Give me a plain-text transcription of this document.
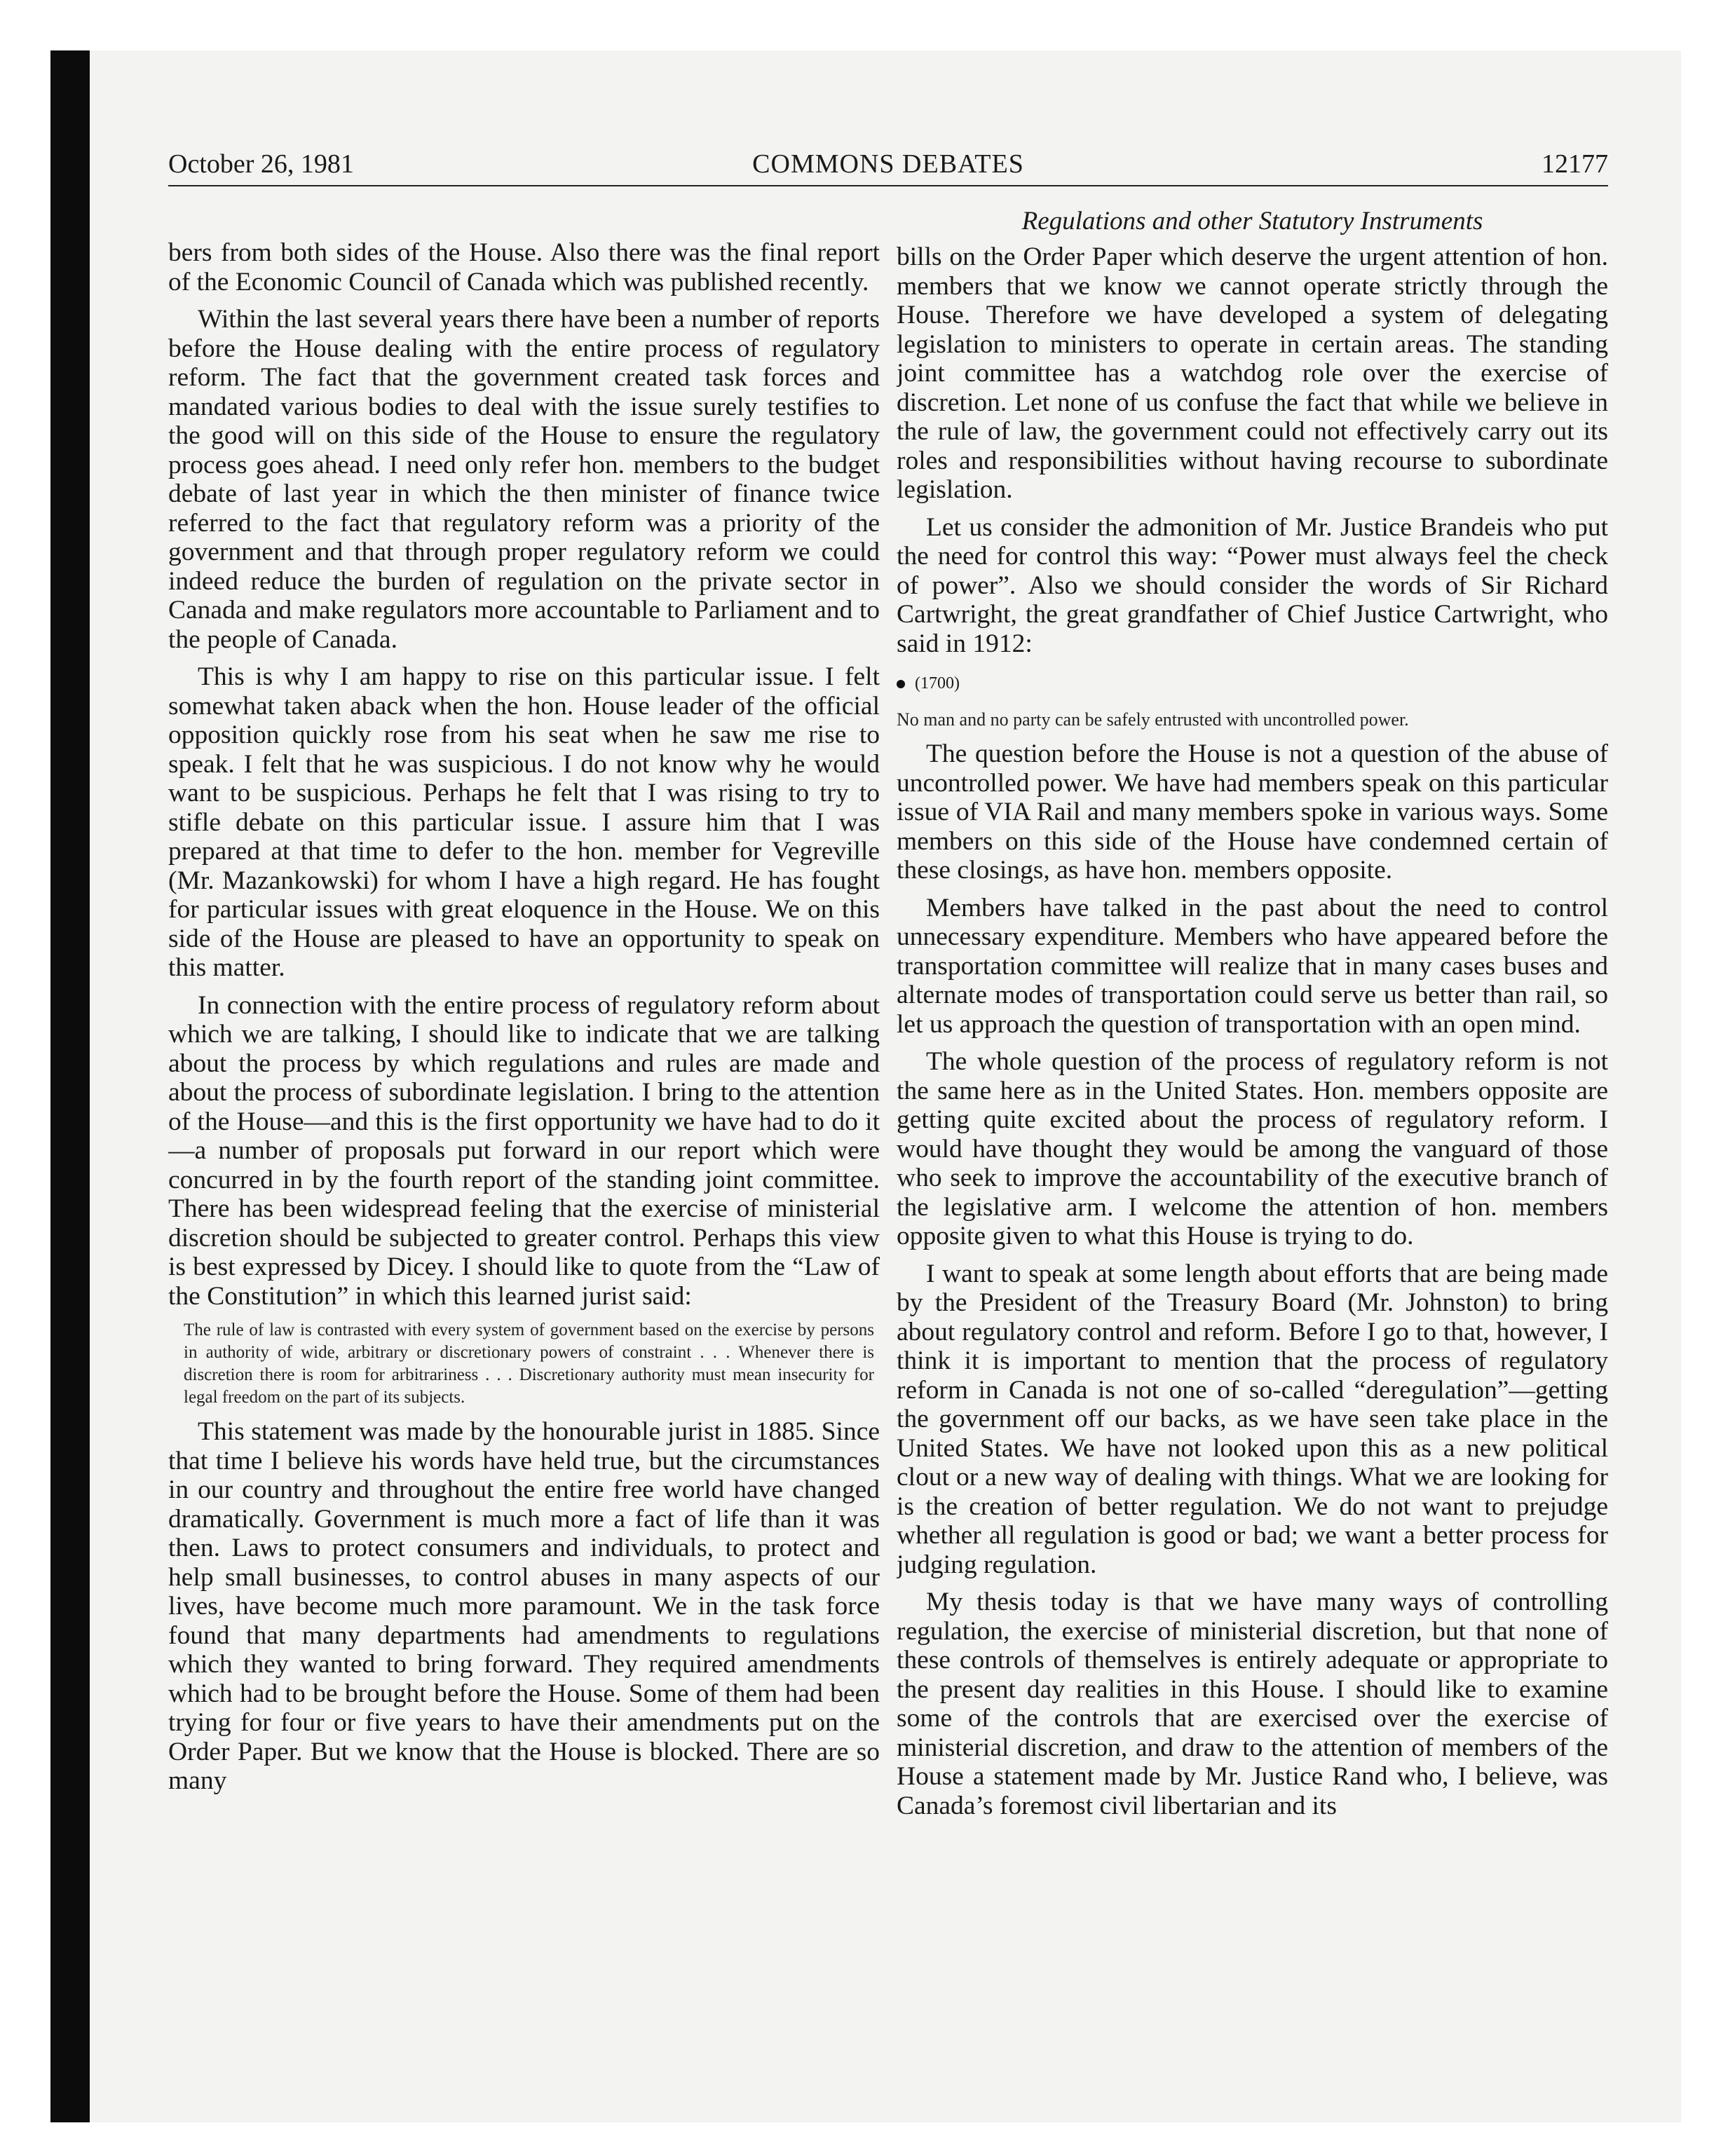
October 26, 1981	COMMONS DEBATES	12177
Regulations and other Statutory Instruments

bers from both sides of the House. Also there was the final report of the Economic Council of Canada which was published recently.

Within the last several years there have been a number of reports before the House dealing with the entire process of regulatory reform. The fact that the government created task forces and mandated various bodies to deal with the issue surely testifies to the good will on this side of the House to ensure the regulatory process goes ahead. I need only refer hon. members to the budget debate of last year in which the then minister of finance twice referred to the fact that regulatory reform was a priority of the government and that through proper regulatory reform we could indeed reduce the burden of regulation on the private sector in Canada and make regulators more accountable to Parliament and to the people of Canada.

This is why I am happy to rise on this particular issue. I felt somewhat taken aback when the hon. House leader of the official opposition quickly rose from his seat when he saw me rise to speak. I felt that he was suspicious. I do not know why he would want to be suspicious. Perhaps he felt that I was rising to try to stifle debate on this particular issue. I assure him that I was prepared at that time to defer to the hon. member for Vegreville (Mr. Mazankowski) for whom I have a high regard. He has fought for particular issues with great eloquence in the House. We on this side of the House are pleased to have an opportunity to speak on this matter.

In connection with the entire process of regulatory reform about which we are talking, I should like to indicate that we are talking about the process by which regulations and rules are made and about the process of subordinate legislation. I bring to the attention of the House—and this is the first opportunity we have had to do it—a number of proposals put forward in our report which were concurred in by the fourth report of the standing joint committee. There has been widespread feeling that the exercise of ministerial discretion should be subjected to greater control. Perhaps this view is best expressed by Dicey. I should like to quote from the “Law of the Constitution” in which this learned jurist said:

The rule of law is contrasted with every system of government based on the exercise by persons in authority of wide, arbitrary or discretionary powers of constraint . . . Whenever there is discretion there is room for arbitrariness . . . Discretionary authority must mean insecurity for legal freedom on the part of its subjects.

This statement was made by the honourable jurist in 1885. Since that time I believe his words have held true, but the circumstances in our country and throughout the entire free world have changed dramatically. Government is much more a fact of life than it was then. Laws to protect consumers and individuals, to protect and help small businesses, to control abuses in many aspects of our lives, have become much more paramount. We in the task force found that many departments had amendments to regulations which they wanted to bring forward. They required amendments which had to be brought before the House. Some of them had been trying for four or five years to have their amendments put on the Order Paper. But we know that the House is blocked. There are so many

bills on the Order Paper which deserve the urgent attention of hon. members that we know we cannot operate strictly through the House. Therefore we have developed a system of delegating legislation to ministers to operate in certain areas. The standing joint committee has a watchdog role over the exercise of discretion. Let none of us confuse the fact that while we believe in the rule of law, the government could not effectively carry out its roles and responsibilities without having recourse to subordinate legislation.

Let us consider the admonition of Mr. Justice Brandeis who put the need for control this way: “Power must always feel the check of power”. Also we should consider the words of Sir Richard Cartwright, the great grandfather of Chief Justice Cartwright, who said in 1912:

(1700)

No man and no party can be safely entrusted with uncontrolled power.

The question before the House is not a question of the abuse of uncontrolled power. We have had members speak on this particular issue of VIA Rail and many members spoke in various ways. Some members on this side of the House have condemned certain of these closings, as have hon. members opposite.

Members have talked in the past about the need to control unnecessary expenditure. Members who have appeared before the transportation committee will realize that in many cases buses and alternate modes of transportation could serve us better than rail, so let us approach the question of transportation with an open mind.

The whole question of the process of regulatory reform is not the same here as in the United States. Hon. members opposite are getting quite excited about the process of regulatory reform. I would have thought they would be among the vanguard of those who seek to improve the accountability of the executive branch of the legislative arm. I welcome the attention of hon. members opposite given to what this House is trying to do.

I want to speak at some length about efforts that are being made by the President of the Treasury Board (Mr. Johnston) to bring about regulatory control and reform. Before I go to that, however, I think it is important to mention that the process of regulatory reform in Canada is not one of so-called “deregulation”—getting the government off our backs, as we have seen take place in the United States. We have not looked upon this as a new political clout or a new way of dealing with things. What we are looking for is the creation of better regulation. We do not want to prejudge whether all regulation is good or bad; we want a better process for judging regulation.

My thesis today is that we have many ways of controlling regulation, the exercise of ministerial discretion, but that none of these controls of themselves is entirely adequate or appropriate to the present day realities in this House. I should like to examine some of the controls that are exercised over the exercise of ministerial discretion, and draw to the attention of members of the House a statement made by Mr. Justice Rand who, I believe, was Canada’s foremost civil libertarian and its
